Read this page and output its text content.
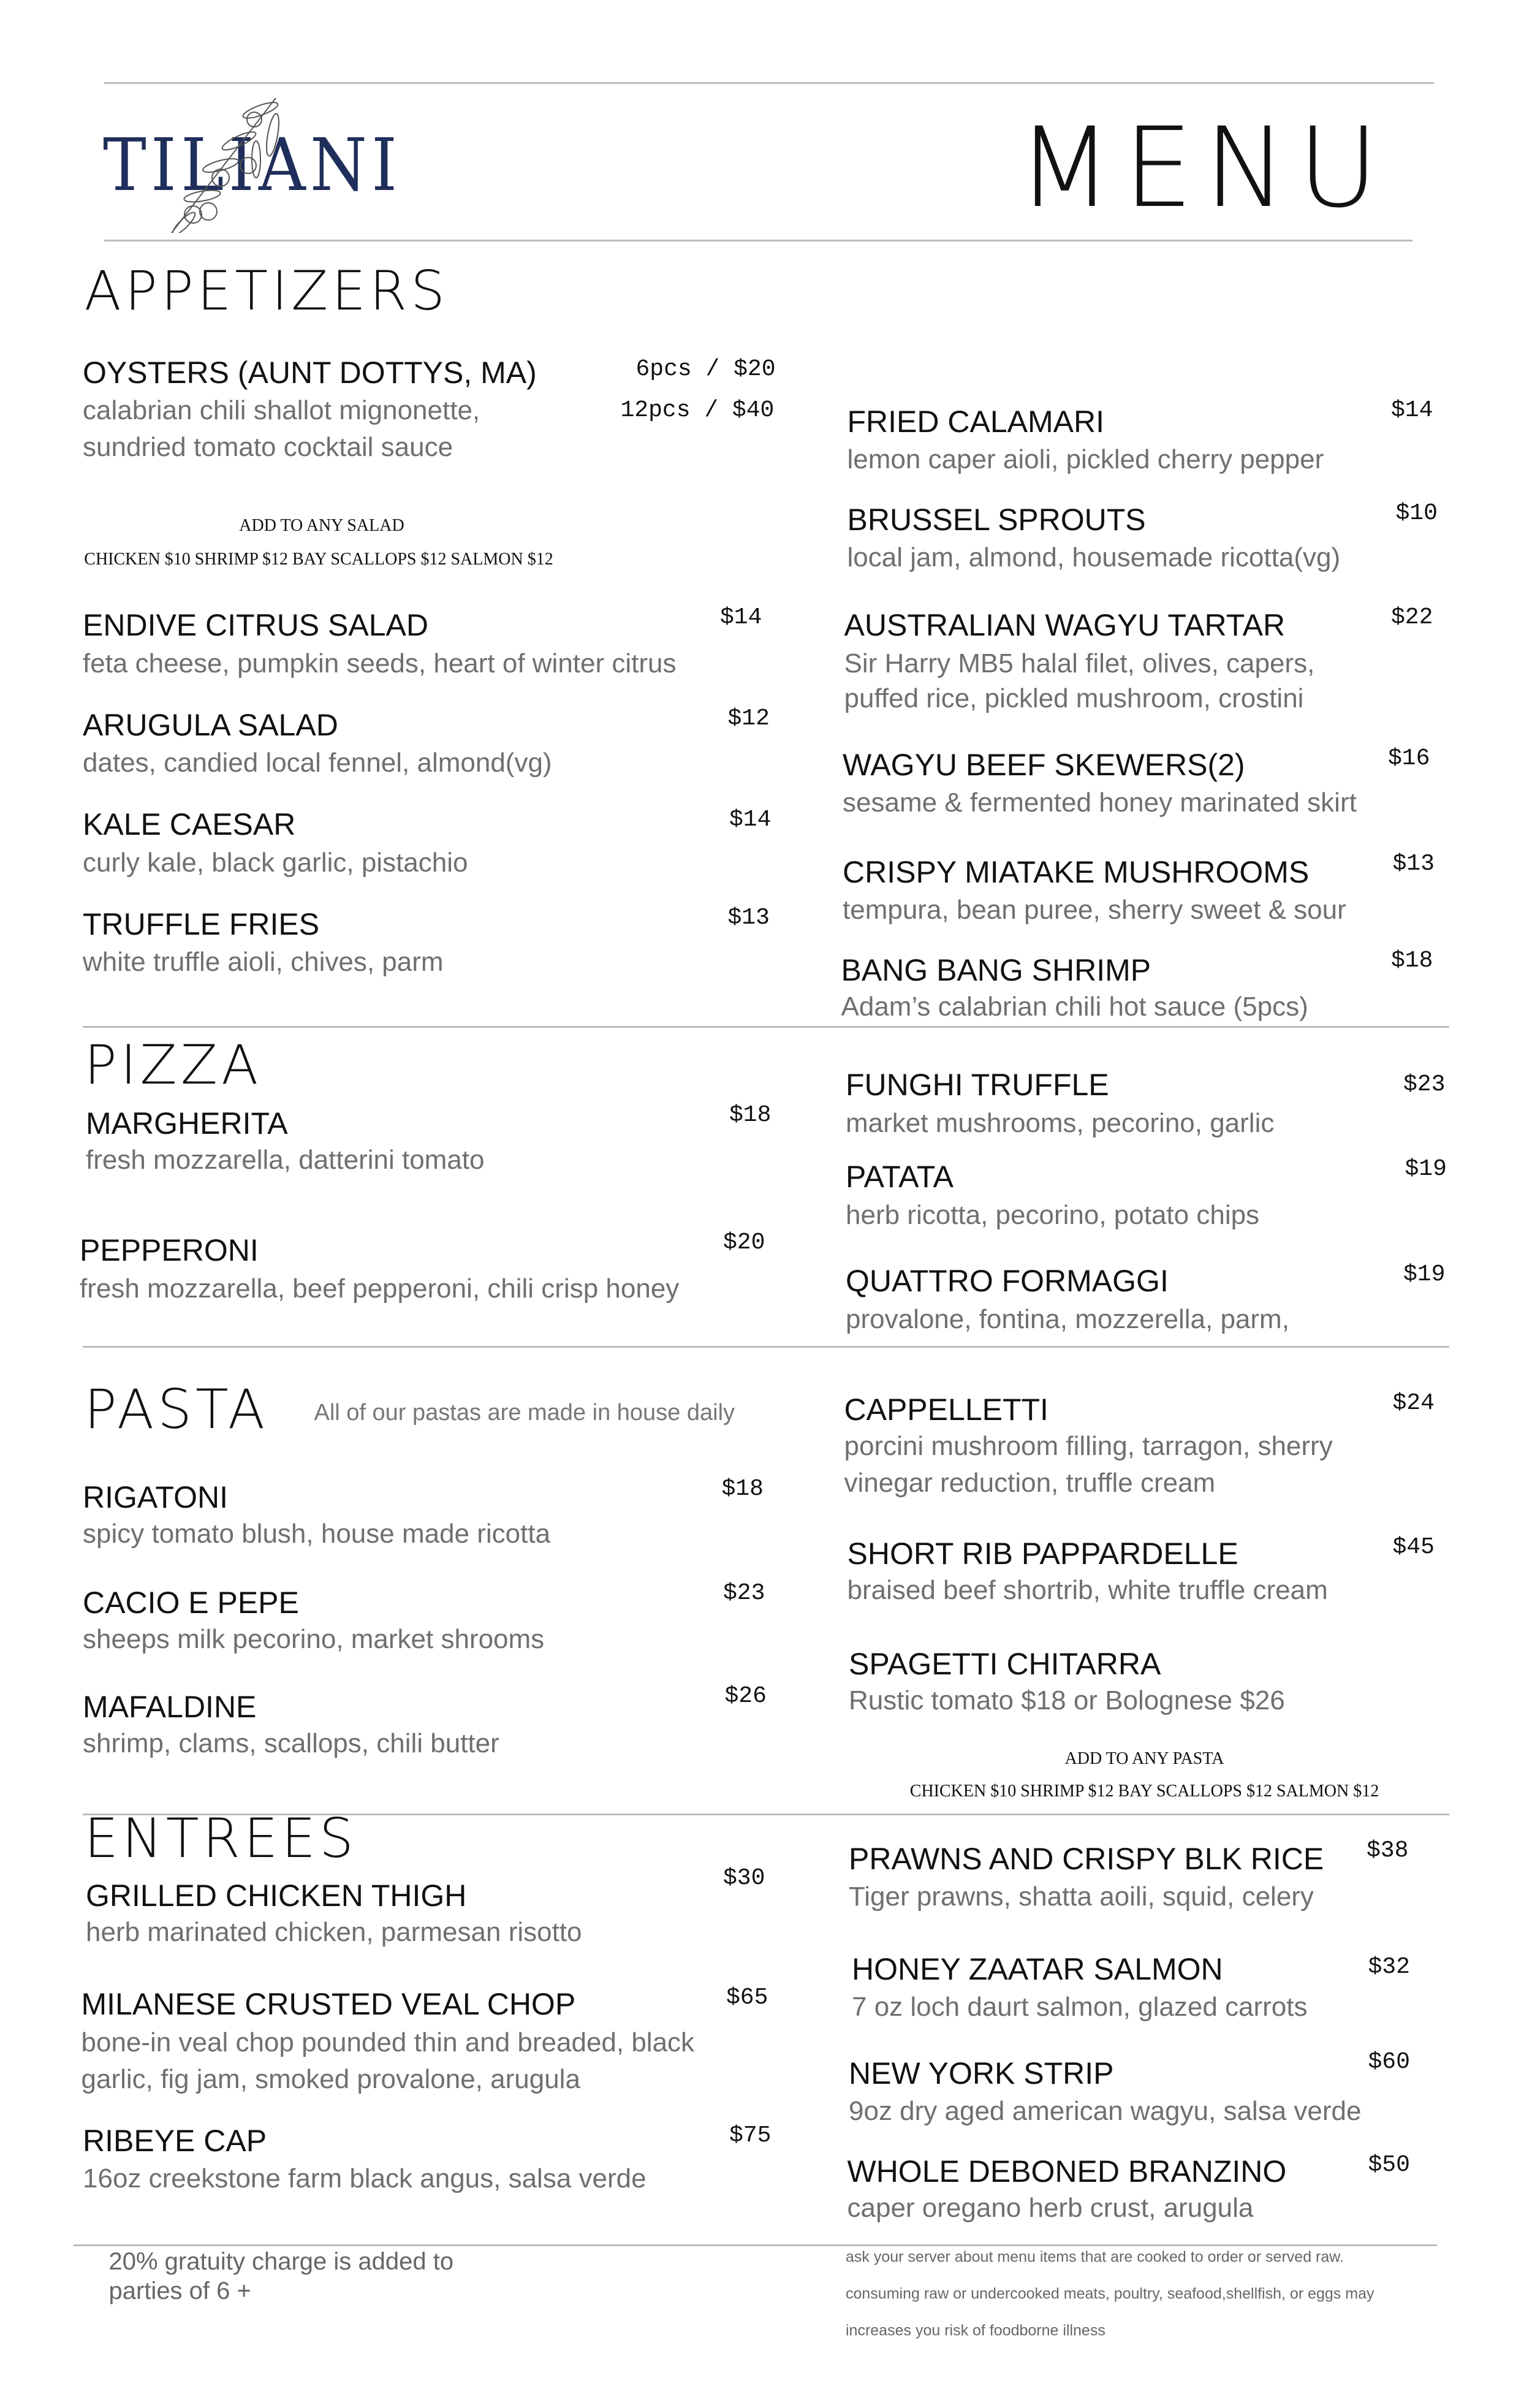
TILIANI	MENU
APPETIZERS
OYSTERS (AUNT DOTTYS, MA)
calabrian chili shallot mignonette,
sundried tomato cocktail sauce
6pcs / $20
12pcs / $40
ADD TO ANY SALAD
CHICKEN $10 SHRIMP $12 BAY SCALLOPS $12 SALMON $12
ENDIVE CITRUS SALAD
feta cheese, pumpkin seeds, heart of winter citrus
$14
ARUGULA SALAD
dates, candied local fennel, almond(vg)
$12
KALE CAESAR
curly kale, black garlic, pistachio
$14
TRUFFLE FRIES
white truffle aioli, chives, parm
$13
FRIED CALAMARI
lemon caper aioli, pickled cherry pepper
$14
BRUSSEL SPROUTS
local jam, almond, housemade ricotta(vg)
$10
AUSTRALIAN WAGYU TARTAR
Sir Harry MB5 halal filet, olives, capers,
puffed rice, pickled mushroom, crostini
$22
WAGYU BEEF SKEWERS(2)
sesame & fermented honey marinated skirt
$16
CRISPY MIATAKE MUSHROOMS
tempura, bean puree, sherry sweet & sour
$13
BANG BANG SHRIMP
Adam’s calabrian chili hot sauce (5pcs)
$18
PIZZA
MARGHERITA
fresh mozzarella, datterini tomato
$18
PEPPERONI
fresh mozzarella, beef pepperoni, chili crisp honey
$20
FUNGHI TRUFFLE
market mushrooms, pecorino, garlic
$23
PATATA
herb ricotta, pecorino, potato chips
$19
QUATTRO FORMAGGI
provalone, fontina, mozzerella, parm,
$19
PASTA All of our pastas are made in house daily
RIGATONI
spicy tomato blush, house made ricotta
$18
CACIO E PEPE
sheeps milk pecorino, market shrooms
$23
MAFALDINE
shrimp, clams, scallops, chili butter
$26
CAPPELLETTI
porcini mushroom filling, tarragon, sherry
vinegar reduction, truffle cream
$24
SHORT RIB PAPPARDELLE
braised beef shortrib, white truffle cream
$45
SPAGETTI CHITARRA
Rustic tomato $18 or Bolognese $26
ADD TO ANY PASTA
CHICKEN $10 SHRIMP $12 BAY SCALLOPS $12 SALMON $12
ENTREES
GRILLED CHICKEN THIGH
herb marinated chicken, parmesan risotto
$30
MILANESE CRUSTED VEAL CHOP
bone-in veal chop pounded thin and breaded, black
garlic, fig jam, smoked provalone, arugula
$65
RIBEYE CAP
16oz creekstone farm black angus, salsa verde
$75
PRAWNS AND CRISPY BLK RICE
Tiger prawns, shatta aoili, squid, celery
$38
HONEY ZAATAR SALMON
7 oz loch daurt salmon, glazed carrots
$32
NEW YORK STRIP
9oz dry aged american wagyu, salsa verde
$60
WHOLE DEBONED BRANZINO
caper oregano herb crust, arugula
$50
20% gratuity charge is added to
parties of 6 +
ask your server about menu items that are cooked to order or served raw.
consuming raw or undercooked meats, poultry, seafood,shellfish, or eggs may
increases you risk of foodborne illness
